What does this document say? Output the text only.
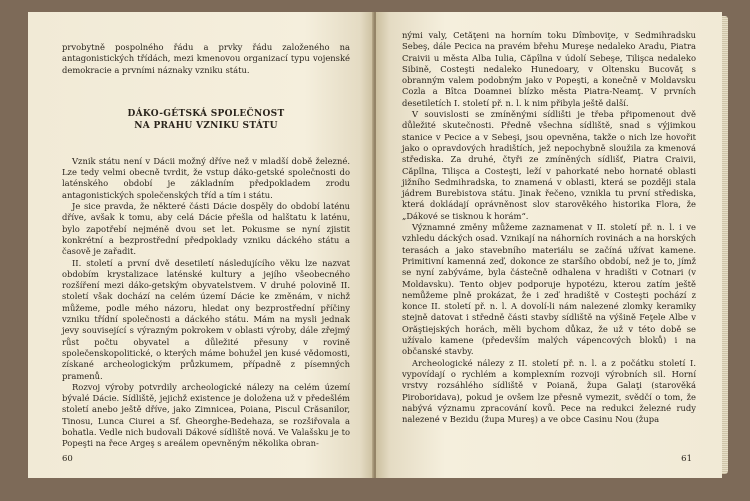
prvobytně pospolného řádu a prvky řádu založeného na antagonistických třídách, mezi kmenovou organizací typu vojenské demokracie a prvními náznaky vzniku státu.

DÁKO-GÉTSKÁ SPOLEČNOST
NA PRAHU VZNIKU STÁTU

Vznik státu není v Dácii možný dříve než v mladší době železné. Lze tedy velmi obecně tvrdit, že vstup dáko-getské společnosti do laténského období je základním předpokladem zrodu antagonistických společenských tříd a tím i státu.

Je sice pravda, že některé části Dácie dospěly do období laténu dříve, avšak k tomu, aby celá Dácie přešla od halštatu k laténu, bylo zapotřebí nejméně dvou set let. Pokusme se nyní zjistit konkrétní a bezprostřední předpoklady vzniku dáckého státu a časově je zařadit.

II. století a první dvě desetiletí následujícího věku lze nazvat obdobím krystalizace laténské kultury a jejího všeobecného rozšíření mezi dáko-getským obyvatelstvem. V druhé polovině II. století však dochází na celém území Dácie ke změnám, v nichž můžeme, podle mého názoru, hledat ony bezprostřední příčiny vzniku třídní společnosti a dáckého státu. Mám na mysli jednak jevy související s výrazným pokrokem v oblasti výroby, dále zřejmý růst počtu obyvatel a důležité přesuny v rovině společenskopolitické, o kterých máme bohužel jen kusé vědomosti, získané archeologickým průzkumem, případně z písemných pramenů.

Rozvoj výroby potvrdily archeologické nálezy na celém území bývalé Dácie. Sídliště, jejichž existence je doložena už v předešlém století anebo ještě dříve, jako Zimnicea, Poiana, Piscul Crăsanilor, Tinosu, Lunca Ciurei a Sf. Gheorghe-Bedehaza, se rozšiřovala a bohatla. Vedle nich budovali Dákové sídliště nová. Ve Valašsku je to Popeşti na řece Argeş s areálem opevněným několika obran-

60

nými valy, Cetăţeni na horním toku Dîmboviţe, v Sedmihradsku Sebeş, dále Pecica na pravém břehu Mureşe nedaleko Aradu, Piatra Craivii u města Alba Iulia, Căpîlna v údolí Sebeşe, Tilişca nedaleko Sibině, Costeşti nedaleko Hunedoary, v Oltensku Bucovăţ s obranným valem podobným jako v Popeşti, a konečně v Moldavsku Cozla a Bîtca Doamnei blízko města Piatra-Neamţ. V prvních desetiletích I. století př. n. l. k nim přibyla ještě další.

V souvislosti se zmíněnými sídlišti je třeba připomenout dvě důležité skutečnosti. Předně všechna sídliště, snad s výjimkou stanice v Pecice a v Sebeşi, jsou opevněna, takže o nich lze hovořit jako o opravdových hradištích, jež nepochybně sloužila za kmenová střediska. Za druhé, čtyři ze zmíněných sídlišť, Piatra Craivii, Căpîlna, Tilişca a Costeşti, leží v pahorkaté nebo hornaté oblasti jižního Sedmihradska, to znamená v oblasti, která se později stala jádrem Burebistova státu. Jinak řečeno, vznikla tu první střediska, která dokládají oprávněnost slov starověkého historika Flora, že „Dákové se tisknou k horám“.

Významné změny můžeme zaznamenat v II. století př. n. l. i ve vzhledu dáckých osad. Vznikají na náhorních rovinách a na horských terasách a jako stavebního materiálu se začíná užívat kamene. Primitivní kamenná zeď, dokonce ze staršího období, než je to, jímž se nyní zabýváme, byla částečně odhalena v hradišti v Cotnari (v Moldavsku). Tento objev podporuje hypotézu, kterou zatím ještě nemůžeme plně prokázat, že i zeď hradiště v Costeşti pochází z konce II. století př. n. l. A dovolí-li nám nalezené zlomky keramiky stejně datovat i středně části stavby sídliště na výšině Feţele Albe v Orăştiejských horách, měli bychom důkaz, že už v této době se užívalo kamene (především malých vápencových bloků) i na občanské stavby.

Archeologické nálezy z II. století př. n. l. a z počátku století I. vypovídají o rychlém a komplexním rozvoji výrobních sil. Horní vrstvy rozsáhlého sídliště v Poiană, župa Galaţi (starověká Piroboridava), pokud je ovšem lze přesně vymezit, svědčí o tom, že nabývá významu zpracování kovů. Pece na redukci železné rudy nalezené v Bezidu (župa Mureş) a ve obce Casinu Nou (župa

61
